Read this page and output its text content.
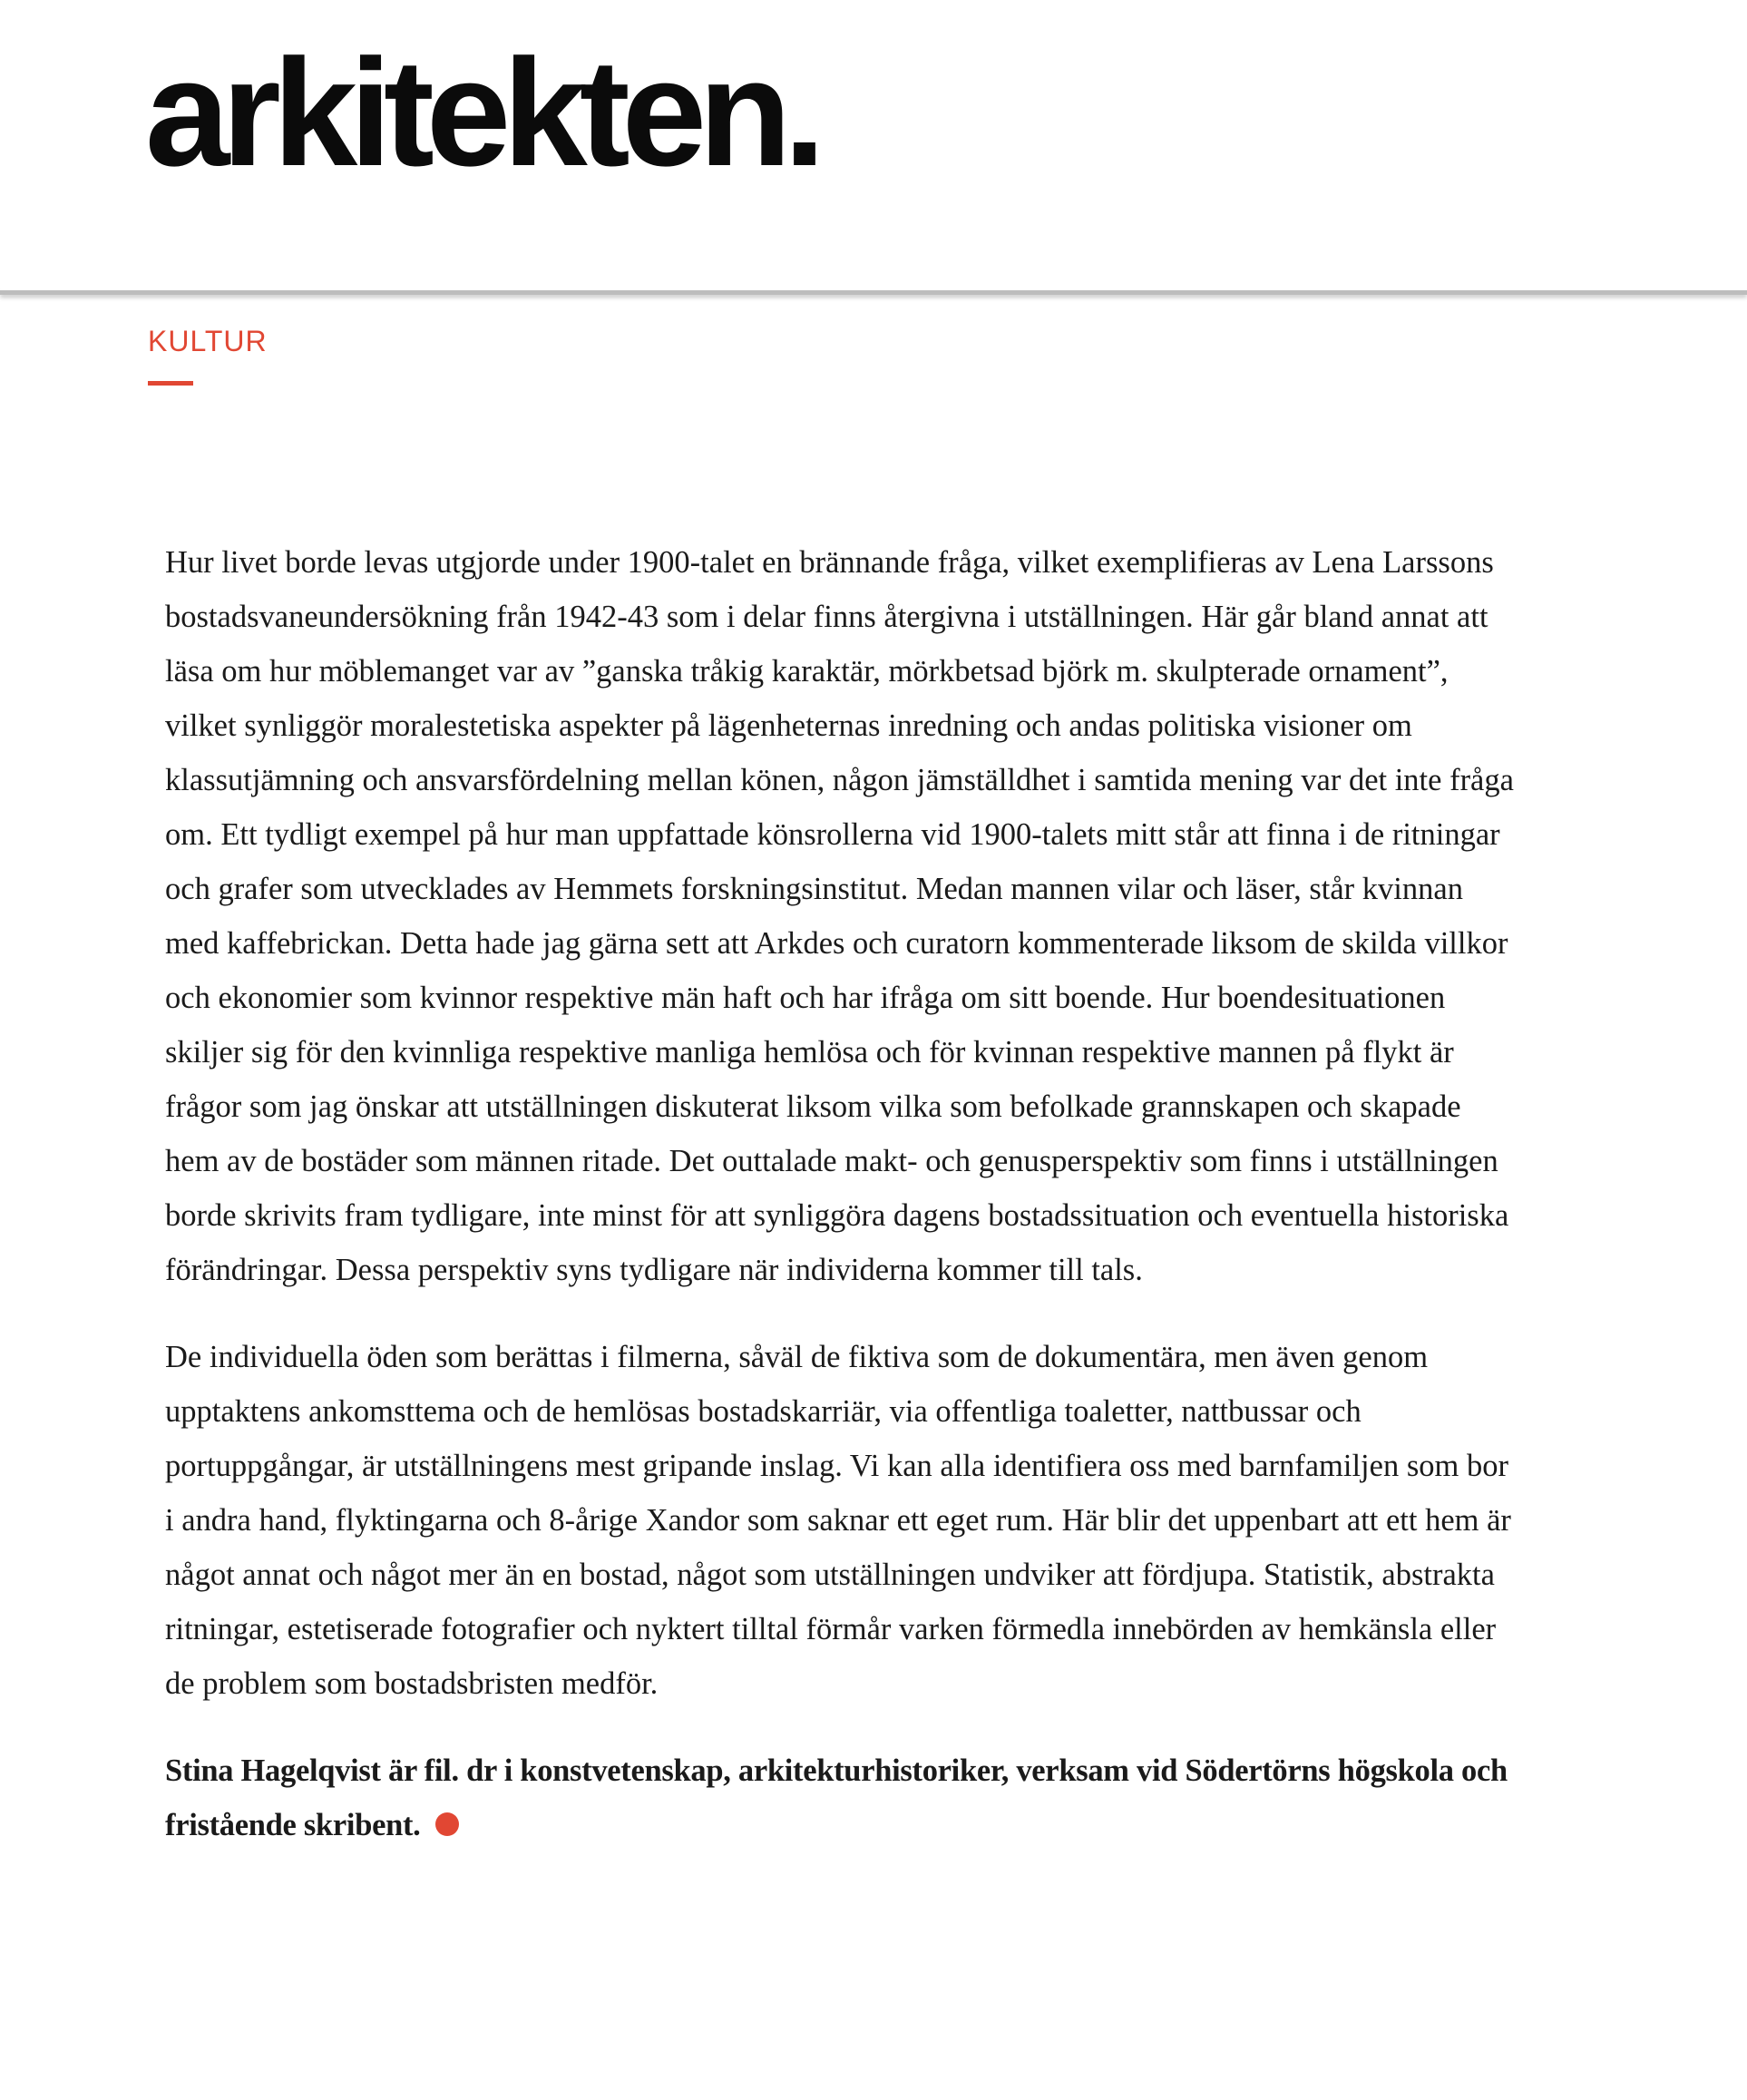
arkitekten.
KULTUR

Hur livet borde levas utgjorde under 1900-talet en brännande fråga, vilket exemplifieras av Lena Larssons bostadsvaneundersökning från 1942-43 som i delar finns återgivna i utställningen. Här går bland annat att läsa om hur möblemanget var av ”ganska tråkig karaktär, mörkbetsad björk m. skulpterade ornament”, vilket synliggör moralestetiska aspekter på lägenheternas inredning och andas politiska visioner om klassutjämning och ansvarsfördelning mellan könen, någon jämställdhet i samtida mening var det inte fråga om. Ett tydligt exempel på hur man uppfattade könsrollerna vid 1900-talets mitt står att finna i de ritningar och grafer som utvecklades av Hemmets forskningsinstitut. Medan mannen vilar och läser, står kvinnan med kaffebrickan. Detta hade jag gärna sett att Arkdes och curatorn kommenterade liksom de skilda villkor och ekonomier som kvinnor respektive män haft och har ifråga om sitt boende. Hur boendesituationen skiljer sig för den kvinnliga respektive manliga hemlösa och för kvinnan respektive mannen på flykt är frågor som jag önskar att utställningen diskuterat liksom vilka som befolkade grannskapen och skapade hem av de bostäder som männen ritade. Det outtalade makt- och genusperspektiv som finns i utställningen borde skrivits fram tydligare, inte minst för att synliggöra dagens bostadssituation och eventuella historiska förändringar. Dessa perspektiv syns tydligare när individerna kommer till tals.

De individuella öden som berättas i filmerna, såväl de fiktiva som de dokumentära, men även genom upptaktens ankomsttema och de hemlösas bostadskarriär, via offentliga toaletter, nattbussar och portuppgångar, är utställningens mest gripande inslag. Vi kan alla identifiera oss med barnfamiljen som bor i andra hand, flyktingarna och 8-årige Xandor som saknar ett eget rum. Här blir det uppenbart att ett hem är något annat och något mer än en bostad, något som utställningen undviker att fördjupa. Statistik, abstrakta ritningar, estetiserade fotografier och nyktert tilltal förmår varken förmedla innebörden av hemkänsla eller de problem som bostadsbristen medför.

Stina Hagelqvist är fil. dr i konstvetenskap, arkitekturhistoriker, verksam vid Södertörns högskola och fristående skribent.
